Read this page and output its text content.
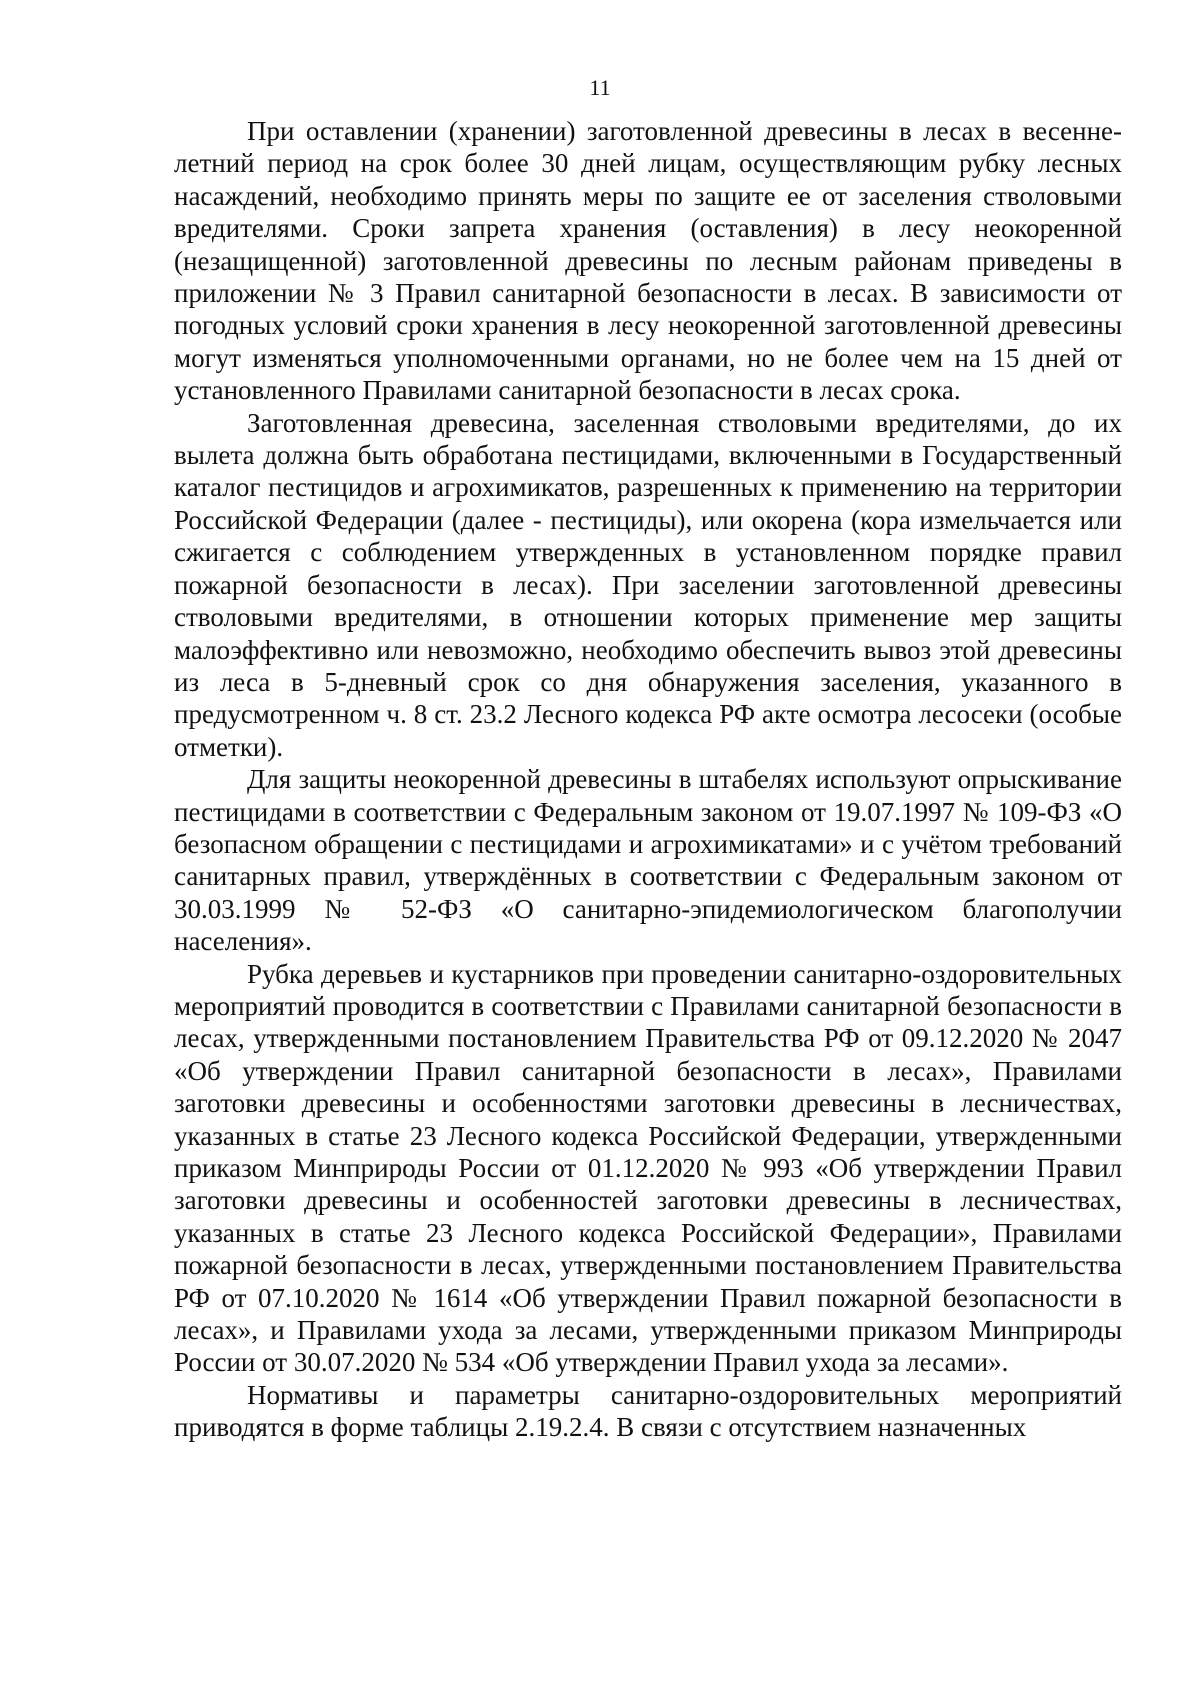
11

При оставлении (хранении) заготовленной древесины в лесах в весенне-летний период на срок более 30 дней лицам, осуществляющим рубку лесных насаждений, необходимо принять меры по защите ее от заселения стволовыми вредителями. Сроки запрета хранения (оставления) в лесу неокоренной (незащищенной) заготовленной древесины по лесным районам приведены в приложении № 3 Правил санитарной безопасности в лесах. В зависимости от погодных условий сроки хранения в лесу неокоренной заготовленной древесины могут изменяться уполномоченными органами, но не более чем на 15 дней от установленного Правилами санитарной безопасности в лесах срока.

Заготовленная древесина, заселенная стволовыми вредителями, до их вылета должна быть обработана пестицидами, включенными в Государственный каталог пестицидов и агрохимикатов, разрешенных к применению на территории Российской Федерации (далее - пестициды), или окорена (кора измельчается или сжигается с соблюдением утвержденных в установленном порядке правил пожарной безопасности в лесах). При заселении заготовленной древесины стволовыми вредителями, в отношении которых применение мер защиты малоэффективно или невозможно, необходимо обеспечить вывоз этой древесины из леса в 5-дневный срок со дня обнаружения заселения, указанного в предусмотренном ч. 8 ст. 23.2 Лесного кодекса РФ акте осмотра лесосеки (особые отметки).

Для защиты неокоренной древесины в штабелях используют опрыскивание пестицидами в соответствии с Федеральным законом от 19.07.1997 № 109-ФЗ «О безопасном обращении с пестицидами и агрохимикатами» и с учётом требований санитарных правил, утверждённых в соответствии с Федеральным законом от 30.03.1999 № 52-ФЗ «О санитарно-эпидемиологическом благополучии населения».

Рубка деревьев и кустарников при проведении санитарно-оздоровительных мероприятий проводится в соответствии с Правилами санитарной безопасности в лесах, утвержденными постановлением Правительства РФ от 09.12.2020 № 2047 «Об утверждении Правил санитарной безопасности в лесах», Правилами заготовки древесины и особенностями заготовки древесины в лесничествах, указанных в статье 23 Лесного кодекса Российской Федерации, утвержденными приказом Минприроды России от 01.12.2020 № 993 «Об утверждении Правил заготовки древесины и особенностей заготовки древесины в лесничествах, указанных в статье 23 Лесного кодекса Российской Федерации», Правилами пожарной безопасности в лесах, утвержденными постановлением Правительства РФ от 07.10.2020 № 1614 «Об утверждении Правил пожарной безопасности в лесах», и Правилами ухода за лесами, утвержденными приказом Минприроды России от 30.07.2020 № 534 «Об утверждении Правил ухода за лесами».

Нормативы и параметры санитарно-оздоровительных мероприятий приводятся в форме таблицы 2.19.2.4. В связи с отсутствием назначенных
